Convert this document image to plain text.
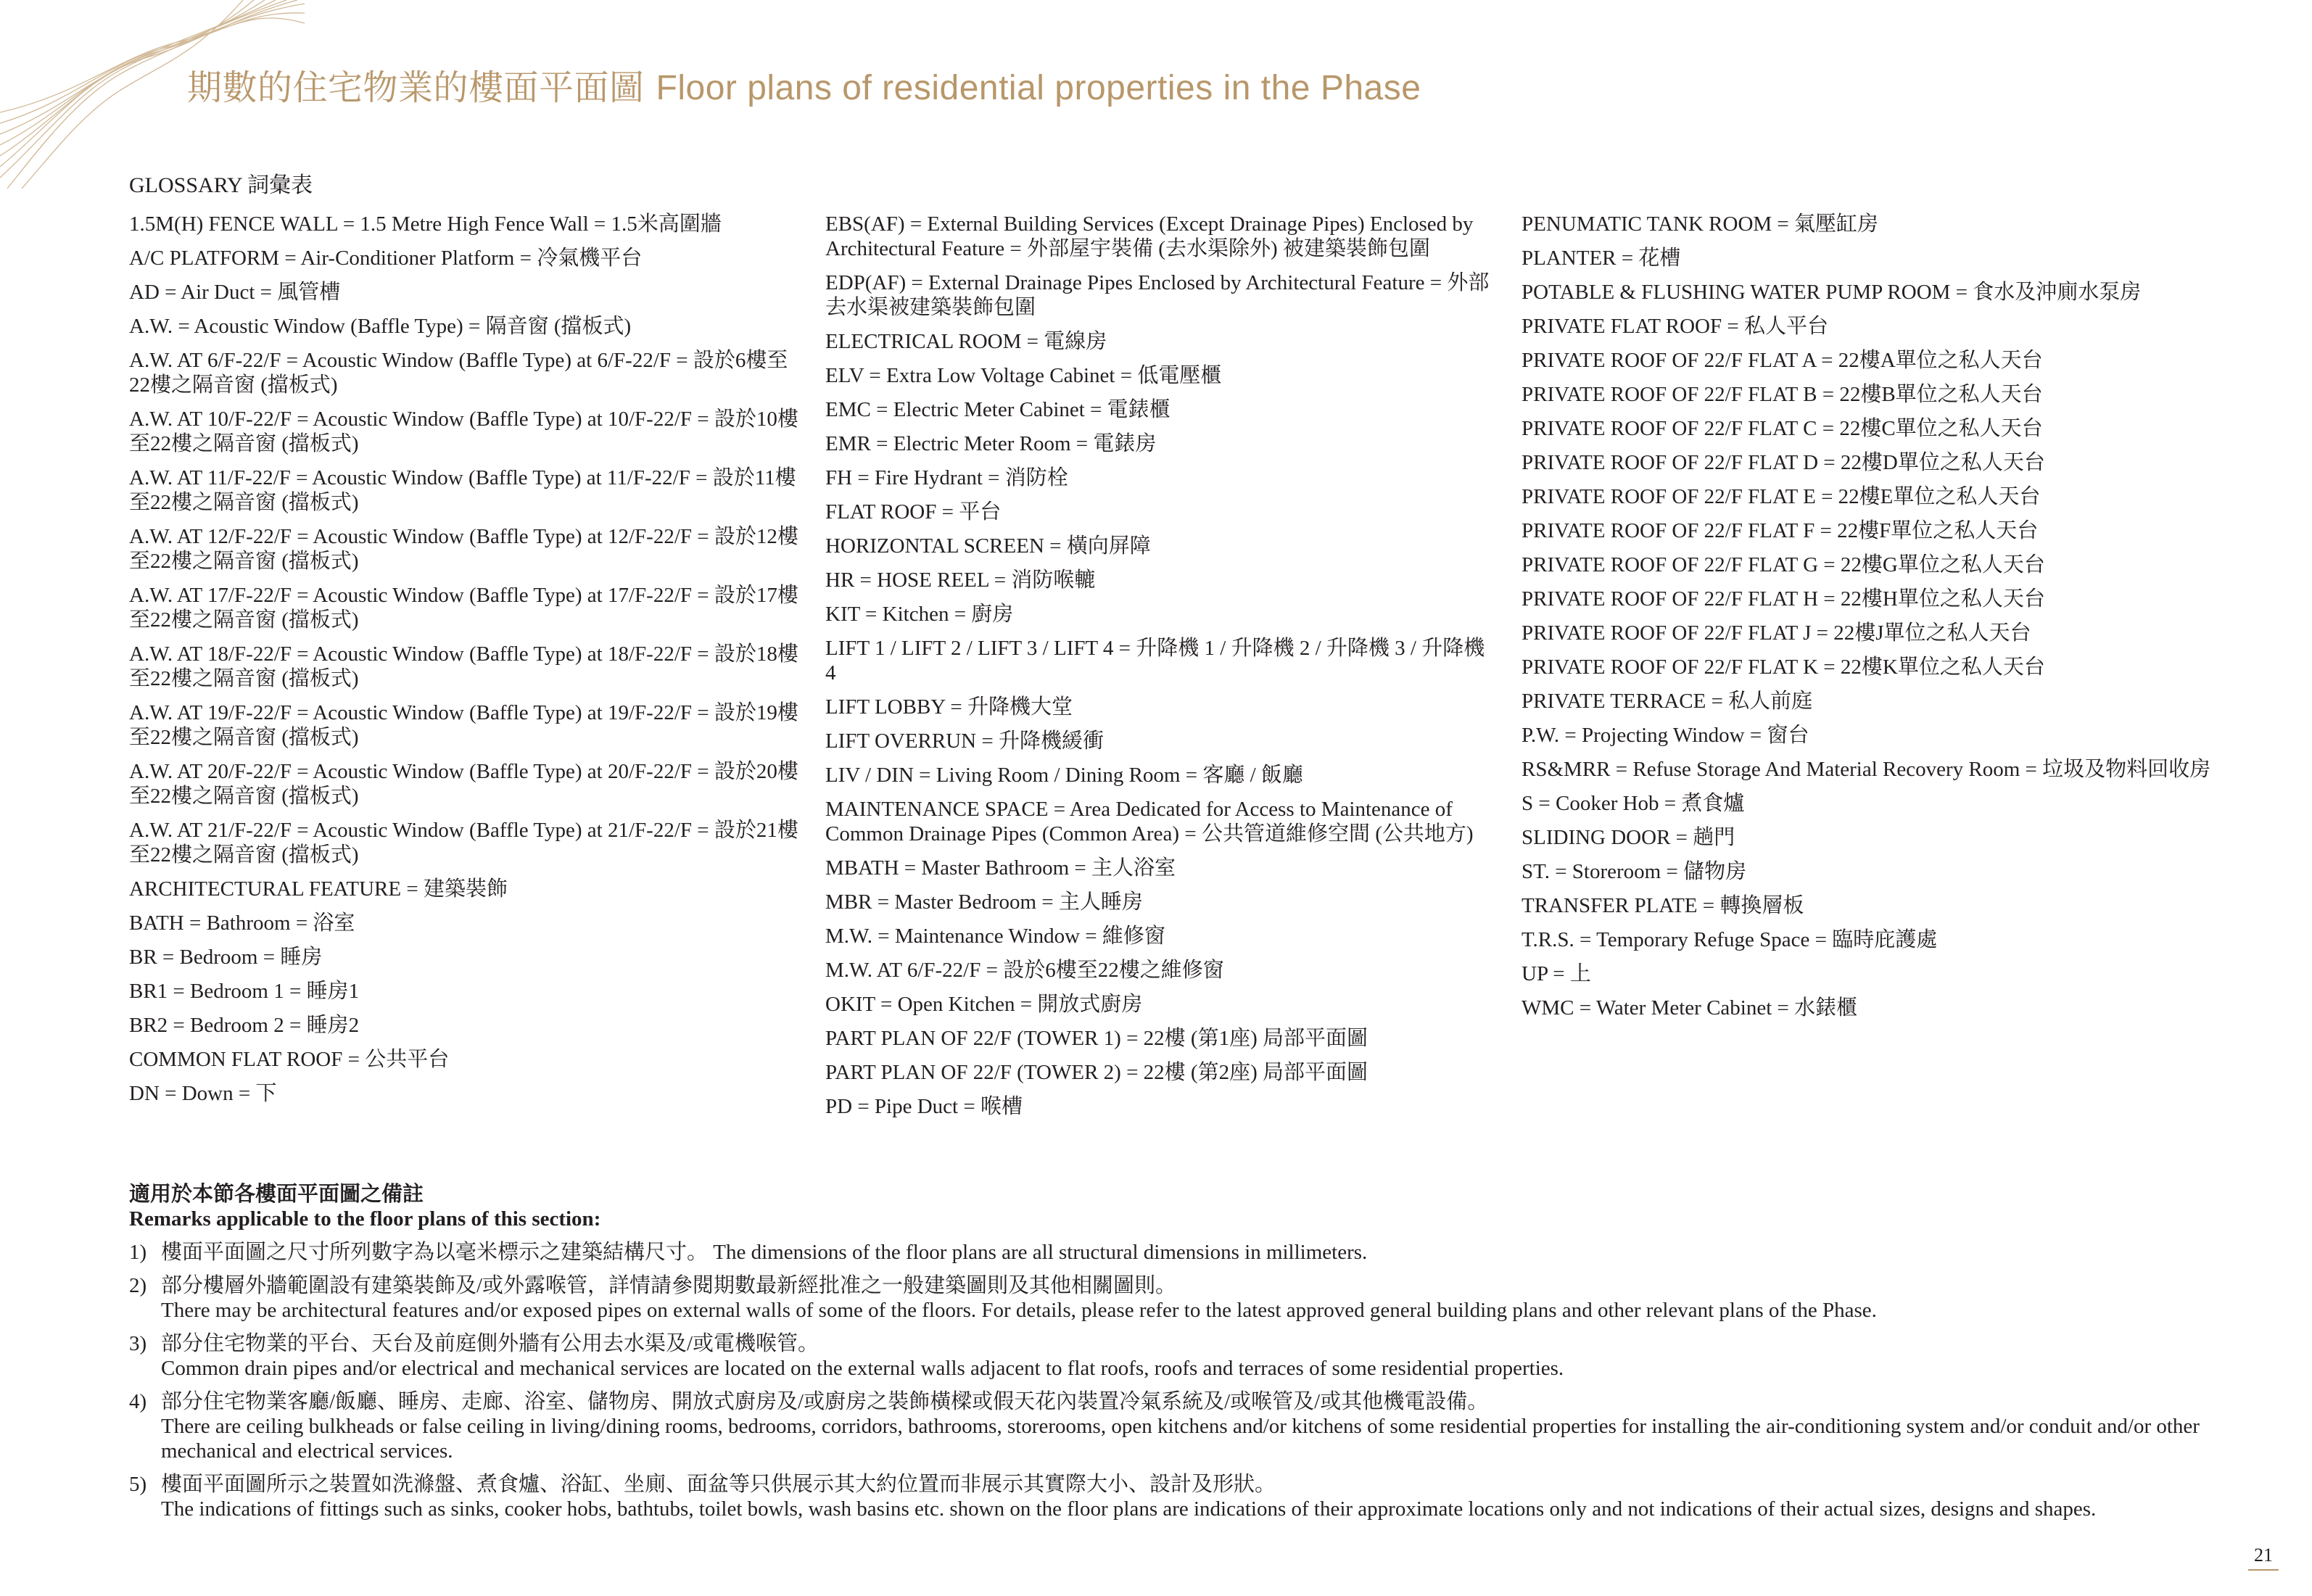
期數的住宅物業的樓面平面圖 Floor plans of residential properties in the Phase
GLOSSARY 詞彙表
1.5M(H) FENCE WALL = 1.5 Metre High Fence Wall = 1.5米高圍牆
A/C PLATFORM = Air-Conditioner Platform = 冷氣機平台
AD = Air Duct = 風管槽
A.W. = Acoustic Window (Baffle Type) = 隔音窗 (擋板式)
A.W. AT 6/F-22/F = Acoustic Window (Baffle Type) at 6/F-22/F = 設於6樓至22樓之隔音窗 (擋板式)
A.W. AT 10/F-22/F = Acoustic Window (Baffle Type) at 10/F-22/F = 設於10樓至22樓之隔音窗 (擋板式)
A.W. AT 11/F-22/F = Acoustic Window (Baffle Type) at 11/F-22/F = 設於11樓至22樓之隔音窗 (擋板式)
A.W. AT 12/F-22/F = Acoustic Window (Baffle Type) at 12/F-22/F = 設於12樓至22樓之隔音窗 (擋板式)
A.W. AT 17/F-22/F = Acoustic Window (Baffle Type) at 17/F-22/F = 設於17樓至22樓之隔音窗 (擋板式)
A.W. AT 18/F-22/F = Acoustic Window (Baffle Type) at 18/F-22/F = 設於18樓至22樓之隔音窗 (擋板式)
A.W. AT 19/F-22/F = Acoustic Window (Baffle Type) at 19/F-22/F = 設於19樓至22樓之隔音窗 (擋板式)
A.W. AT 20/F-22/F = Acoustic Window (Baffle Type) at 20/F-22/F = 設於20樓至22樓之隔音窗 (擋板式)
A.W. AT 21/F-22/F = Acoustic Window (Baffle Type) at 21/F-22/F = 設於21樓至22樓之隔音窗 (擋板式)
ARCHITECTURAL FEATURE = 建築裝飾
BATH = Bathroom = 浴室
BR = Bedroom = 睡房
BR1 = Bedroom 1 = 睡房1
BR2 = Bedroom 2 = 睡房2
COMMON FLAT ROOF = 公共平台
DN = Down = 下
EBS(AF) = External Building Services (Except Drainage Pipes) Enclosed by Architectural Feature = 外部屋宇裝備 (去水渠除外) 被建築裝飾包圍
EDP(AF) = External Drainage Pipes Enclosed by Architectural Feature = 外部去水渠被建築裝飾包圍
ELECTRICAL ROOM = 電線房
ELV = Extra Low Voltage Cabinet = 低電壓櫃
EMC = Electric Meter Cabinet = 電錶櫃
EMR = Electric Meter Room = 電錶房
FH = Fire Hydrant = 消防栓
FLAT ROOF = 平台
HORIZONTAL SCREEN = 橫向屏障
HR = HOSE REEL = 消防喉轆
KIT = Kitchen = 廚房
LIFT 1 / LIFT 2 / LIFT 3 / LIFT 4 = 升降機 1 / 升降機 2 / 升降機 3 / 升降機 4
LIFT LOBBY = 升降機大堂
LIFT OVERRUN = 升降機緩衝
LIV / DIN = Living Room / Dining Room = 客廳 / 飯廳
MAINTENANCE SPACE = Area Dedicated for Access to Maintenance of Common Drainage Pipes (Common Area) = 公共管道維修空間 (公共地方)
MBATH = Master Bathroom = 主人浴室
MBR = Master Bedroom = 主人睡房
M.W. = Maintenance Window = 維修窗
M.W. AT 6/F-22/F = 設於6樓至22樓之維修窗
OKIT = Open Kitchen = 開放式廚房
PART PLAN OF 22/F (TOWER 1) = 22樓 (第1座) 局部平面圖
PART PLAN OF 22/F (TOWER 2) = 22樓 (第2座) 局部平面圖
PD = Pipe Duct = 喉槽
PENUMATIC TANK ROOM = 氣壓缸房
PLANTER = 花槽
POTABLE & FLUSHING WATER PUMP ROOM = 食水及沖廁水泵房
PRIVATE FLAT ROOF = 私人平台
PRIVATE ROOF OF 22/F FLAT A = 22樓A單位之私人天台
PRIVATE ROOF OF 22/F FLAT B = 22樓B單位之私人天台
PRIVATE ROOF OF 22/F FLAT C = 22樓C單位之私人天台
PRIVATE ROOF OF 22/F FLAT D = 22樓D單位之私人天台
PRIVATE ROOF OF 22/F FLAT E = 22樓E單位之私人天台
PRIVATE ROOF OF 22/F FLAT F = 22樓F單位之私人天台
PRIVATE ROOF OF 22/F FLAT G = 22樓G單位之私人天台
PRIVATE ROOF OF 22/F FLAT H = 22樓H單位之私人天台
PRIVATE ROOF OF 22/F FLAT J = 22樓J單位之私人天台
PRIVATE ROOF OF 22/F FLAT K = 22樓K單位之私人天台
PRIVATE TERRACE = 私人前庭
P.W. = Projecting Window = 窗台
RS&MRR = Refuse Storage And Material Recovery Room = 垃圾及物料回收房
S = Cooker Hob = 煮食爐
SLIDING DOOR = 趟門
ST. = Storeroom = 儲物房
TRANSFER PLATE = 轉換層板
T.R.S. = Temporary Refuge Space = 臨時庇護處
UP = 上
WMC = Water Meter Cabinet = 水錶櫃
適用於本節各樓面平面圖之備註
Remarks applicable to the floor plans of this section:
1) 樓面平面圖之尺寸所列數字為以毫米標示之建築結構尺寸。 The dimensions of the floor plans are all structural dimensions in millimeters.
2) 部分樓層外牆範圍設有建築裝飾及/或外露喉管，詳情請參閱期數最新經批准之一般建築圖則及其他相關圖則。
There may be architectural features and/or exposed pipes on external walls of some of the floors. For details, please refer to the latest approved general building plans and other relevant plans of the Phase.
3) 部分住宅物業的平台、天台及前庭側外牆有公用去水渠及/或電機喉管。
Common drain pipes and/or electrical and mechanical services are located on the external walls adjacent to flat roofs, roofs and terraces of some residential properties.
4) 部分住宅物業客廳/飯廳、睡房、走廊、浴室、儲物房、開放式廚房及/或廚房之裝飾橫樑或假天花內裝置冷氣系統及/或喉管及/或其他機電設備。
There are ceiling bulkheads or false ceiling in living/dining rooms, bedrooms, corridors, bathrooms, storerooms, open kitchens and/or kitchens of some residential properties for installing the air-conditioning system and/or conduit and/or other mechanical and electrical services.
5) 樓面平面圖所示之裝置如洗滌盤、煮食爐、浴缸、坐廁、面盆等只供展示其大約位置而非展示其實際大小、設計及形狀。
The indications of fittings such as sinks, cooker hobs, bathtubs, toilet bowls, wash basins etc. shown on the floor plans are indications of their approximate locations only and not indications of their actual sizes, designs and shapes.
21
